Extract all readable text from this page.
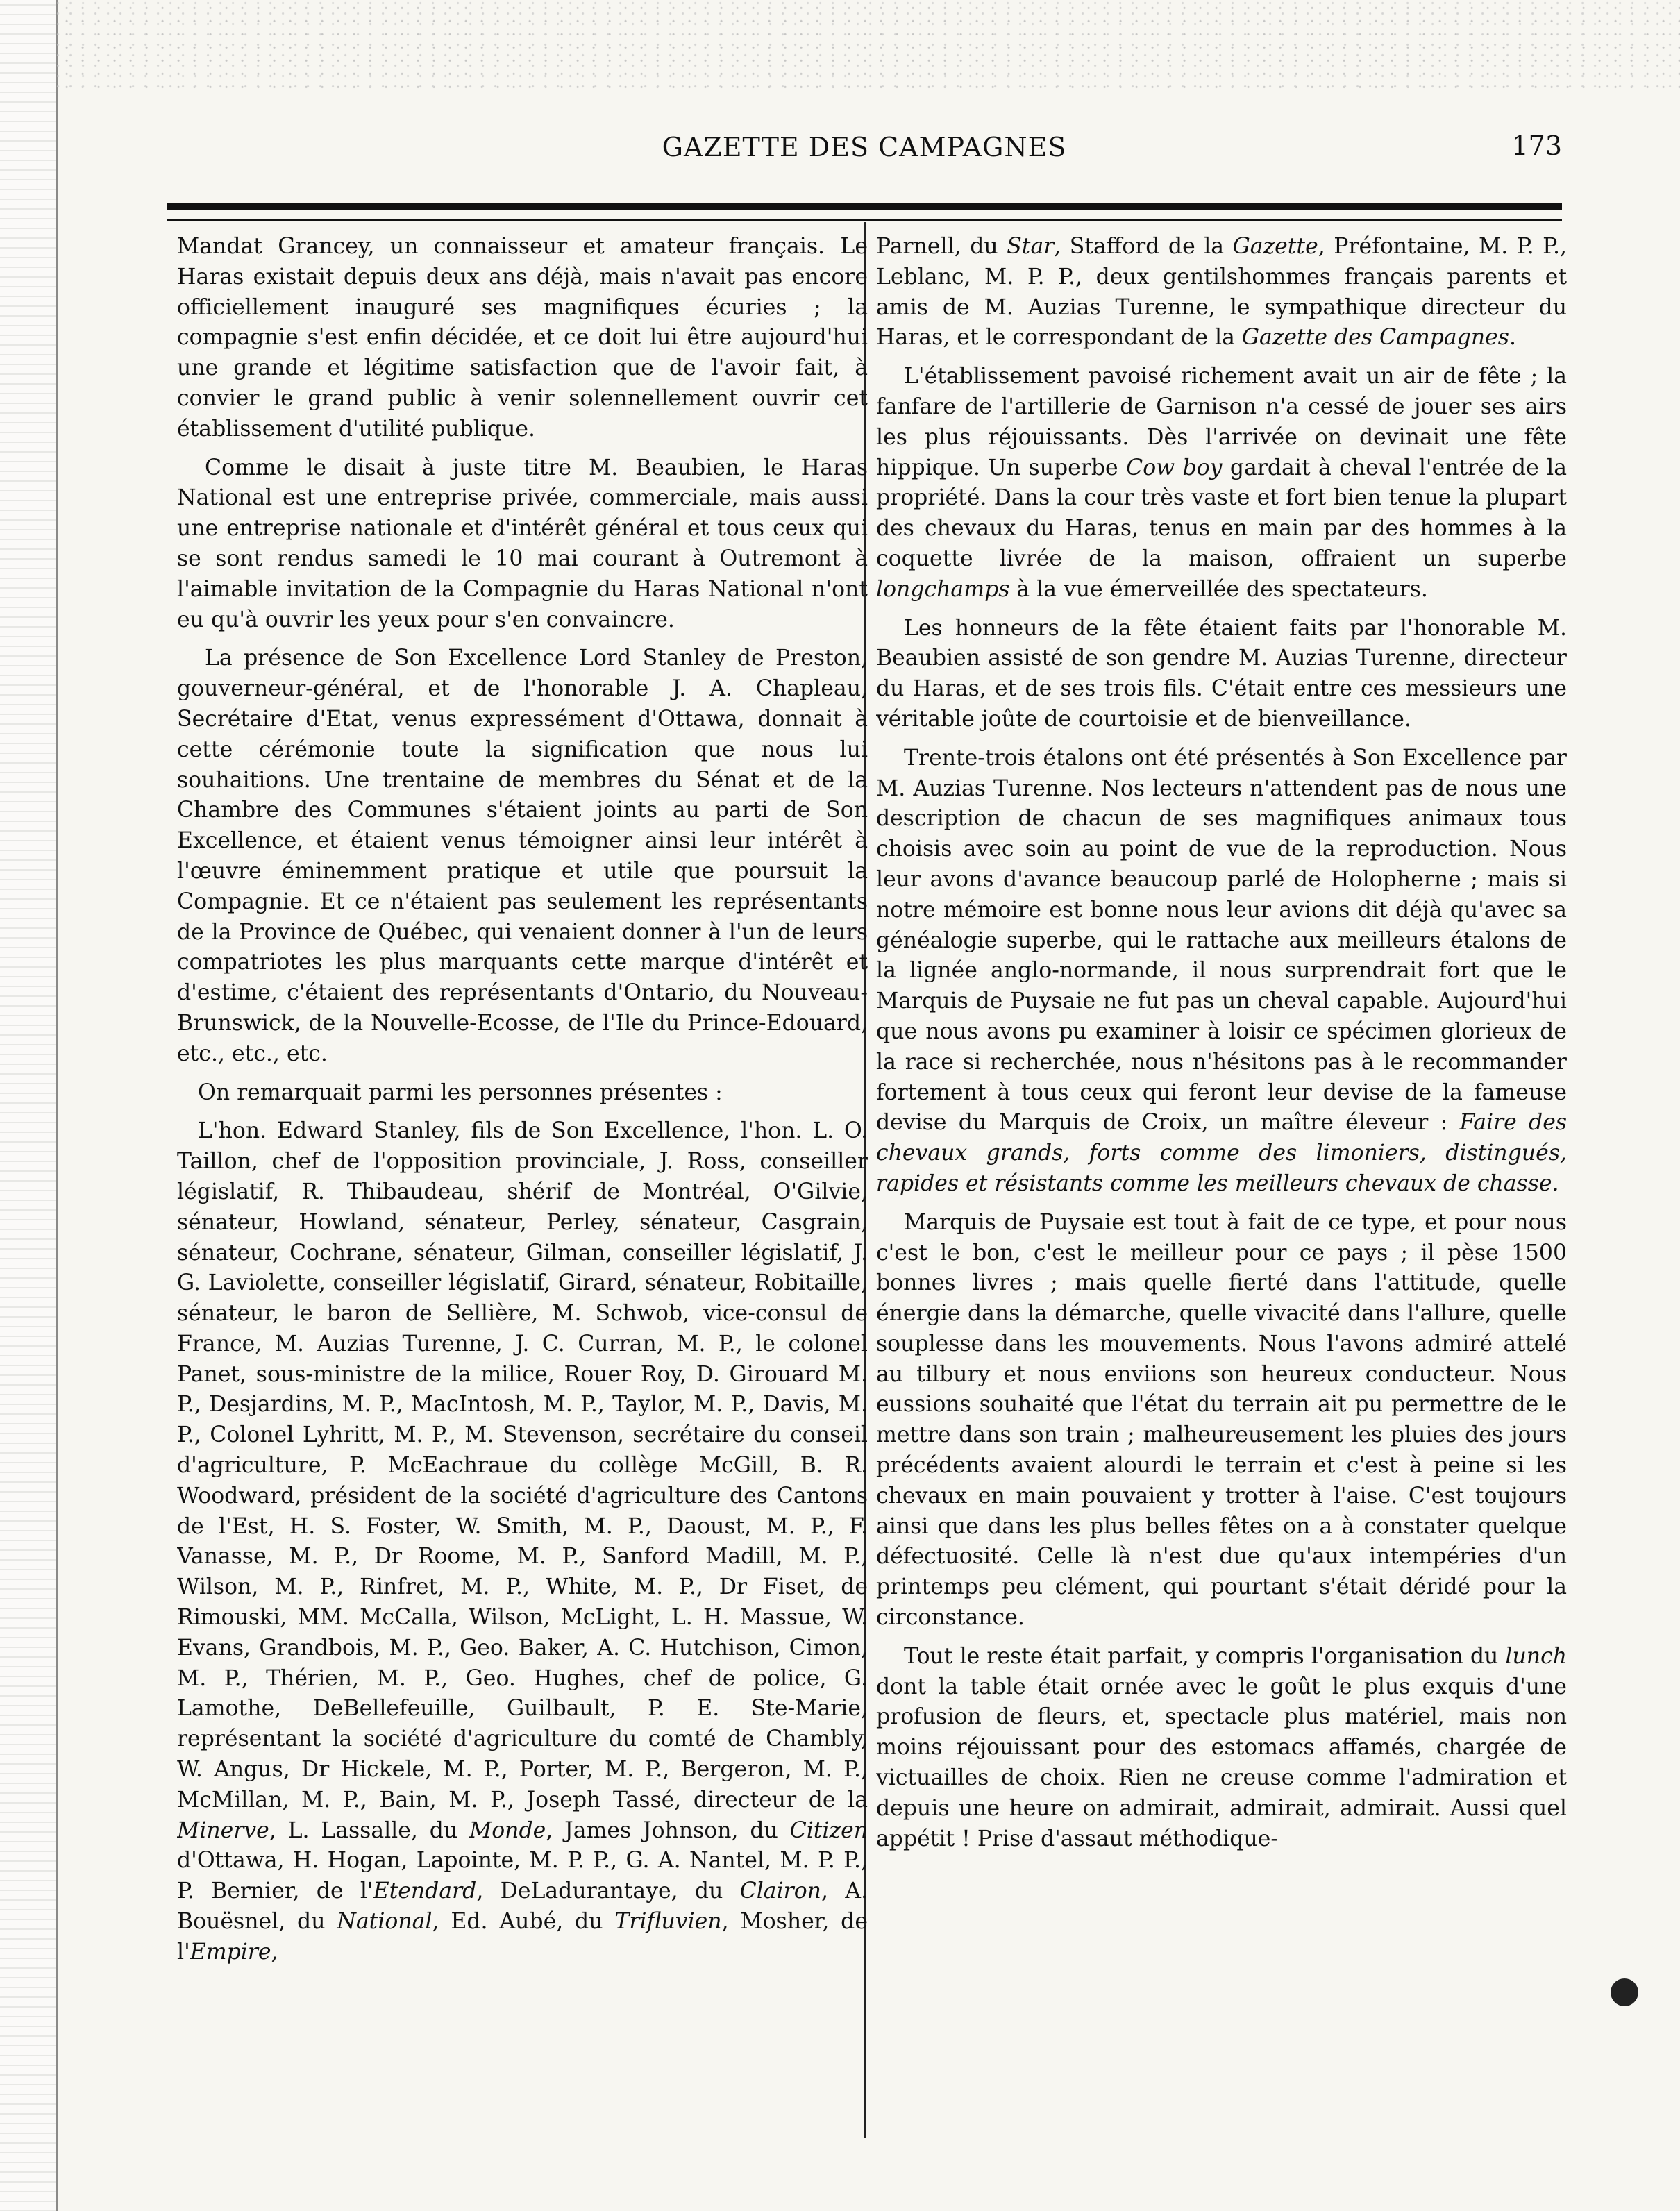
GAZETTE DES CAMPAGNES	173

Mandat Grancey, un connaisseur et amateur français. Le Haras existait depuis deux ans déjà, mais n'avait pas encore officiellement inauguré ses magnifiques écuries ; la compagnie s'est enfin décidée, et ce doit lui être aujourd'hui une grande et légitime satisfaction que de l'avoir fait, à convier le grand public à venir solennellement ouvrir cet établissement d'utilité publique.

Comme le disait à juste titre M. Beaubien, le Haras National est une entreprise privée, commerciale, mais aussi une entreprise nationale et d'intérêt général et tous ceux qui se sont rendus samedi le 10 mai courant à Outremont à l'aimable invitation de la Compagnie du Haras National n'ont eu qu'à ouvrir les yeux pour s'en convaincre.

La présence de Son Excellence Lord Stanley de Preston, gouverneur-général, et de l'honorable J. A. Chapleau, Secrétaire d'Etat, venus expressément d'Ottawa, donnait à cette cérémonie toute la signification que nous lui souhaitions. Une trentaine de membres du Sénat et de la Chambre des Communes s'étaient joints au parti de Son Excellence, et étaient venus témoigner ainsi leur intérêt à l'œuvre éminemment pratique et utile que poursuit la Compagnie. Et ce n'étaient pas seulement les représentants de la Province de Québec, qui venaient donner à l'un de leurs compatriotes les plus marquants cette marque d'intérêt et d'estime, c'étaient des représentants d'Ontario, du Nouveau-Brunswick, de la Nouvelle-Ecosse, de l'Ile du Prince-Edouard, etc., etc., etc.

On remarquait parmi les personnes présentes :

L'hon. Edward Stanley, fils de Son Excellence, l'hon. L. O. Taillon, chef de l'opposition provinciale, J. Ross, conseiller législatif, R. Thibaudeau, shérif de Montréal, O'Gilvie, sénateur, Howland, sénateur, Perley, sénateur, Casgrain, sénateur, Cochrane, sénateur, Gilman, conseiller législatif, J. G. Laviolette, conseiller législatif, Girard, sénateur, Robitaille, sénateur, le baron de Sellière, M. Schwob, vice-consul de France, M. Auzias Turenne, J. C. Curran, M. P., le colonel Panet, sous-ministre de la milice, Rouer Roy, D. Girouard M. P., Desjardins, M. P., MacIntosh, M. P., Taylor, M. P., Davis, M. P., Colonel Lyhritt, M. P., M. Stevenson, secrétaire du conseil d'agriculture, P. McEachraue du collège McGill, B. R. Woodward, président de la société d'agriculture des Cantons de l'Est, H. S. Foster, W. Smith, M. P., Daoust, M. P., F. Vanasse, M. P., Dr Roome, M. P., Sanford Madill, M. P., Wilson, M. P., Rinfret, M. P., White, M. P., Dr Fiset, de Rimouski, MM. McCalla, Wilson, McLight, L. H. Massue, W. Evans, Grandbois, M. P., Geo. Baker, A. C. Hutchison, Cimon, M. P., Thérien, M. P., Geo. Hughes, chef de police, G. Lamothe, DeBellefeuille, Guilbault, P. E. Ste-Marie, représentant la société d'agriculture du comté de Chambly, W. Angus, Dr Hickele, M. P., Porter, M. P., Bergeron, M. P., McMillan, M. P., Bain, M. P., Joseph Tassé, directeur de la Minerve, L. Lassalle, du Monde, James Johnson, du Citizen d'Ottawa, H. Hogan, Lapointe, M. P. P., G. A. Nantel, M. P. P., P. Bernier, de l'Etendard, DeLadurantaye, du Clairon, A. Bouësnel, du National, Ed. Aubé, du Trifluvien, Mosher, de l'Empire,

Parnell, du Star, Stafford de la Gazette, Préfontaine, M. P. P., Leblanc, M. P. P., deux gentilshommes français parents et amis de M. Auzias Turenne, le sympathique directeur du Haras, et le correspondant de la Gazette des Campagnes.

L'établissement pavoisé richement avait un air de fête ; la fanfare de l'artillerie de Garnison n'a cessé de jouer ses airs les plus réjouissants. Dès l'arrivée on devinait une fête hippique. Un superbe Cow boy gardait à cheval l'entrée de la propriété. Dans la cour très vaste et fort bien tenue la plupart des chevaux du Haras, tenus en main par des hommes à la coquette livrée de la maison, offraient un superbe longchamps à la vue émerveillée des spectateurs.

Les honneurs de la fête étaient faits par l'honorable M. Beaubien assisté de son gendre M. Auzias Turenne, directeur du Haras, et de ses trois fils. C'était entre ces messieurs une véritable joûte de courtoisie et de bienveillance.

Trente-trois étalons ont été présentés à Son Excellence par M. Auzias Turenne. Nos lecteurs n'attendent pas de nous une description de chacun de ses magnifiques animaux tous choisis avec soin au point de vue de la reproduction. Nous leur avons d'avance beaucoup parlé de Holopherne ; mais si notre mémoire est bonne nous leur avions dit déjà qu'avec sa généalogie superbe, qui le rattache aux meilleurs étalons de la lignée anglo-normande, il nous surprendrait fort que le Marquis de Puysaie ne fut pas un cheval capable. Aujourd'hui que nous avons pu examiner à loisir ce spécimen glorieux de la race si recherchée, nous n'hésitons pas à le recommander fortement à tous ceux qui feront leur devise de la fameuse devise du Marquis de Croix, un maître éleveur : Faire des chevaux grands, forts comme des limoniers, distingués, rapides et résistants comme les meilleurs chevaux de chasse.

Marquis de Puysaie est tout à fait de ce type, et pour nous c'est le bon, c'est le meilleur pour ce pays ; il pèse 1500 bonnes livres ; mais quelle fierté dans l'attitude, quelle énergie dans la démarche, quelle vivacité dans l'allure, quelle souplesse dans les mouvements. Nous l'avons admiré attelé au tilbury et nous enviions son heureux conducteur. Nous eussions souhaité que l'état du terrain ait pu permettre de le mettre dans son train ; malheureusement les pluies des jours précédents avaient alourdi le terrain et c'est à peine si les chevaux en main pouvaient y trotter à l'aise. C'est toujours ainsi que dans les plus belles fêtes on a à constater quelque défectuosité. Celle là n'est due qu'aux intempéries d'un printemps peu clément, qui pourtant s'était déridé pour la circonstance.

Tout le reste était parfait, y compris l'organisation du lunch dont la table était ornée avec le goût le plus exquis d'une profusion de fleurs, et, spectacle plus matériel, mais non moins réjouissant pour des estomacs affamés, chargée de victuailles de choix. Rien ne creuse comme l'admiration et depuis une heure on admirait, admirait, admirait. Aussi quel appétit ! Prise d'assaut méthodique-
